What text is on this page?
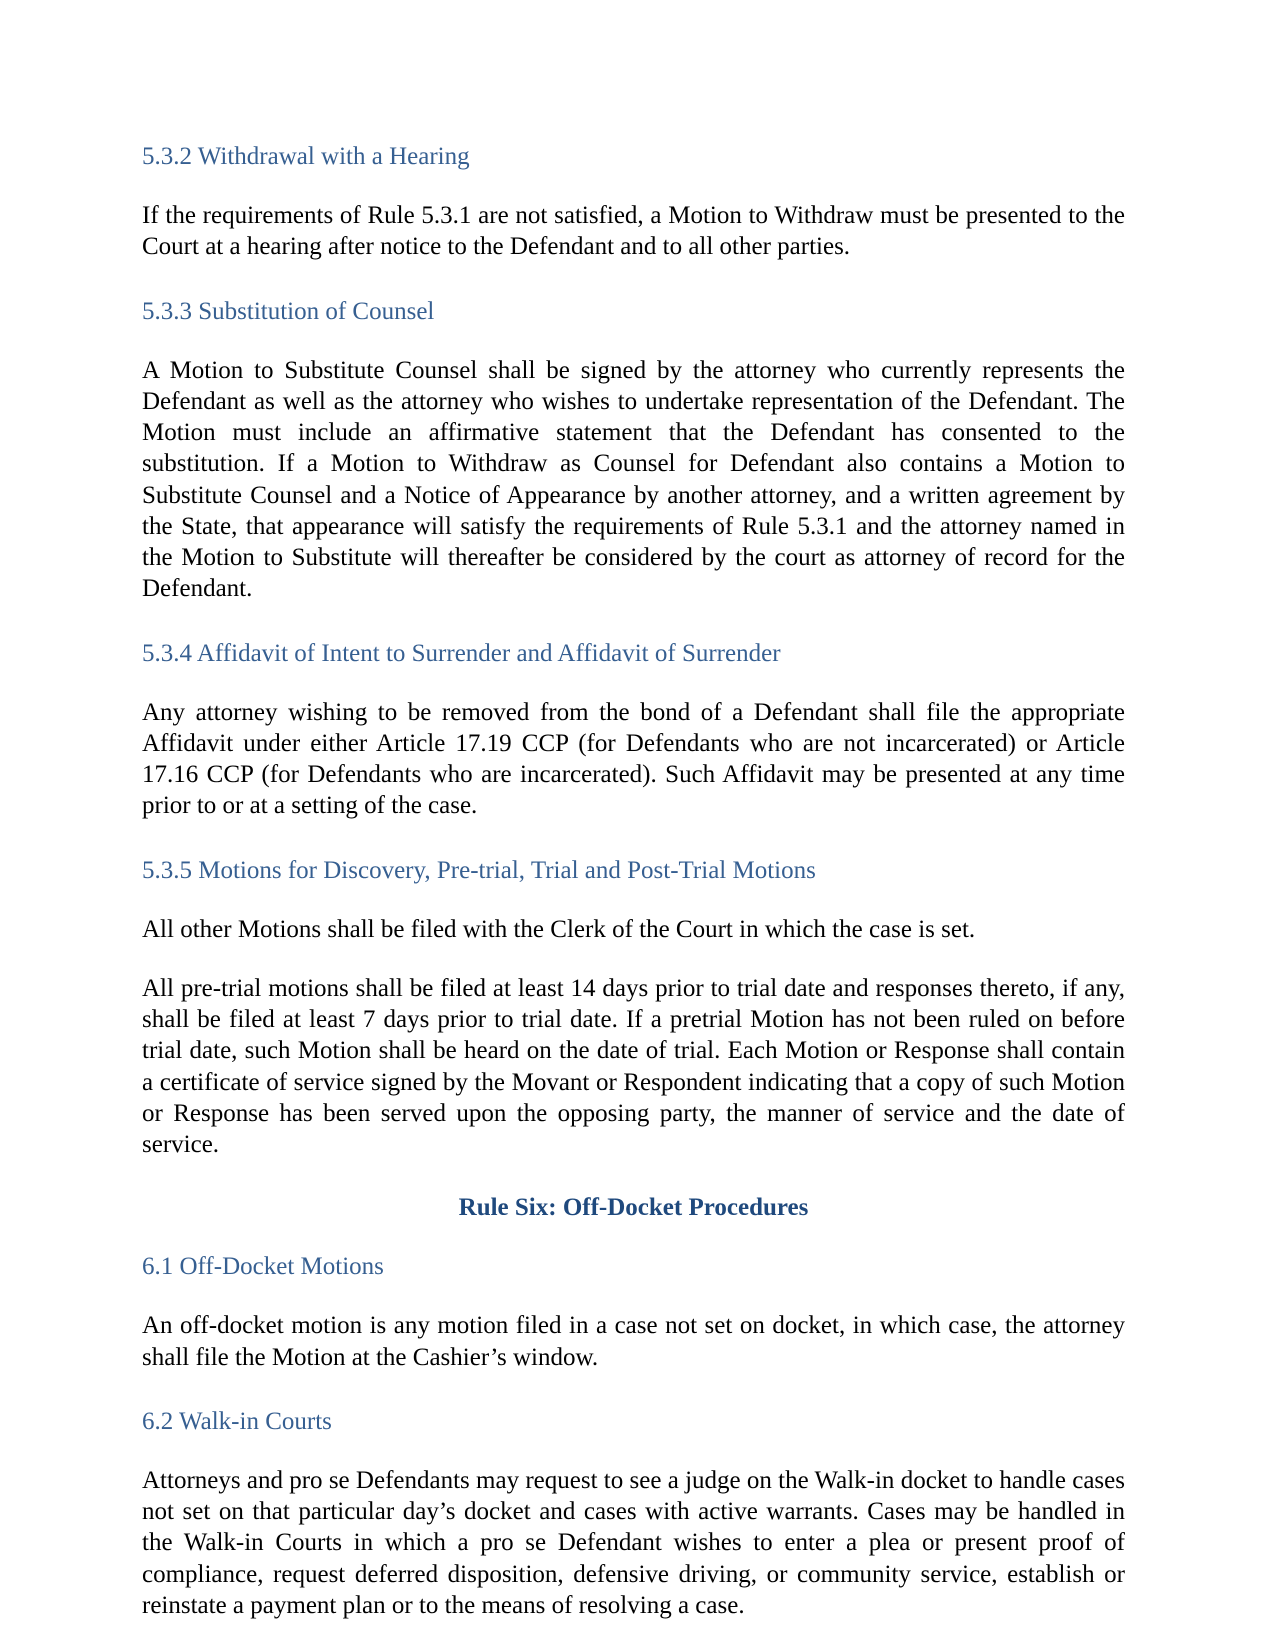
5.3.2 Withdrawal with a Hearing

If the requirements of Rule 5.3.1 are not satisfied, a Motion to Withdraw must be presented to the Court at a hearing after notice to the Defendant and to all other parties.

5.3.3 Substitution of Counsel

A Motion to Substitute Counsel shall be signed by the attorney who currently represents the Defendant as well as the attorney who wishes to undertake representation of the Defendant. The Motion must include an affirmative statement that the Defendant has consented to the substitution. If a Motion to Withdraw as Counsel for Defendant also contains a Motion to Substitute Counsel and a Notice of Appearance by another attorney, and a written agreement by the State, that appearance will satisfy the requirements of Rule 5.3.1 and the attorney named in the Motion to Substitute will thereafter be considered by the court as attorney of record for the Defendant.

5.3.4 Affidavit of Intent to Surrender and Affidavit of Surrender

Any attorney wishing to be removed from the bond of a Defendant shall file the appropriate Affidavit under either Article 17.19 CCP (for Defendants who are not incarcerated) or Article 17.16 CCP (for Defendants who are incarcerated). Such Affidavit may be presented at any time prior to or at a setting of the case.

5.3.5 Motions for Discovery, Pre-trial, Trial and Post-Trial Motions

All other Motions shall be filed with the Clerk of the Court in which the case is set.

All pre-trial motions shall be filed at least 14 days prior to trial date and responses thereto, if any, shall be filed at least 7 days prior to trial date. If a pretrial Motion has not been ruled on before trial date, such Motion shall be heard on the date of trial. Each Motion or Response shall contain a certificate of service signed by the Movant or Respondent indicating that a copy of such Motion or Response has been served upon the opposing party, the manner of service and the date of service.

Rule Six: Off-Docket Procedures
6.1 Off-Docket Motions

An off-docket motion is any motion filed in a case not set on docket, in which case, the attorney shall file the Motion at the Cashier’s window.

6.2 Walk-in Courts

Attorneys and pro se Defendants may request to see a judge on the Walk-in docket to handle cases not set on that particular day’s docket and cases with active warrants. Cases may be handled in the Walk-in Courts in which a pro se Defendant wishes to enter a plea or present proof of compliance, request deferred disposition, defensive driving, or community service, establish or reinstate a payment plan or to the means of resolving a case.
